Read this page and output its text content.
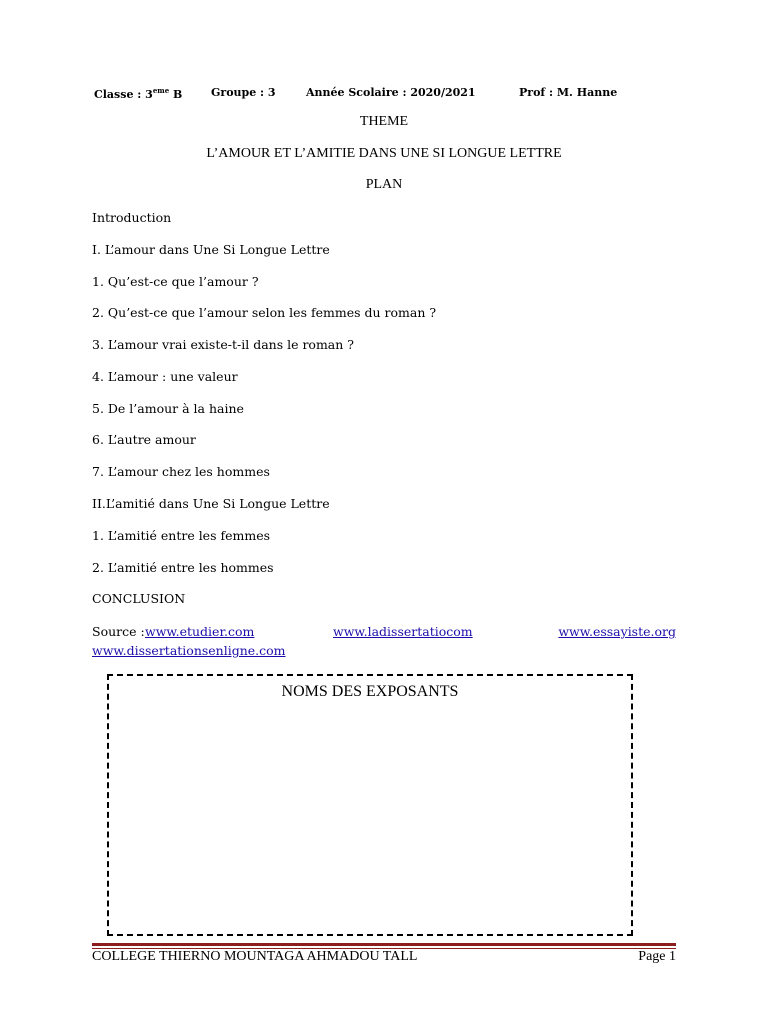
Classe : 3eme B	Groupe : 3	Année Scolaire : 2020/2021	Prof : M. Hanne
THEME
L’AMOUR ET L’AMITIE DANS UNE SI LONGUE LETTRE
PLAN
Introduction
I. L’amour dans Une Si Longue Lettre
1. Qu’est-ce que l’amour ?
2. Qu’est-ce que l’amour selon les femmes du roman ?
3. L’amour vrai existe-t-il dans le roman ?
4. L’amour : une valeur
5. De l’amour à la haine
6. L’autre amour
7. L’amour chez les hommes
II.L’amitié dans Une Si Longue Lettre
1. L’amitié entre les femmes
2. L’amitié entre les hommes
CONCLUSION
Source : www.etudier.com	www.ladissertatiocom	www.essayiste.org
www.dissertationsenligne.com
NOMS DES EXPOSANTS
COLLEGE THIERNO MOUNTAGA AHMADOU TALL	Page 1
